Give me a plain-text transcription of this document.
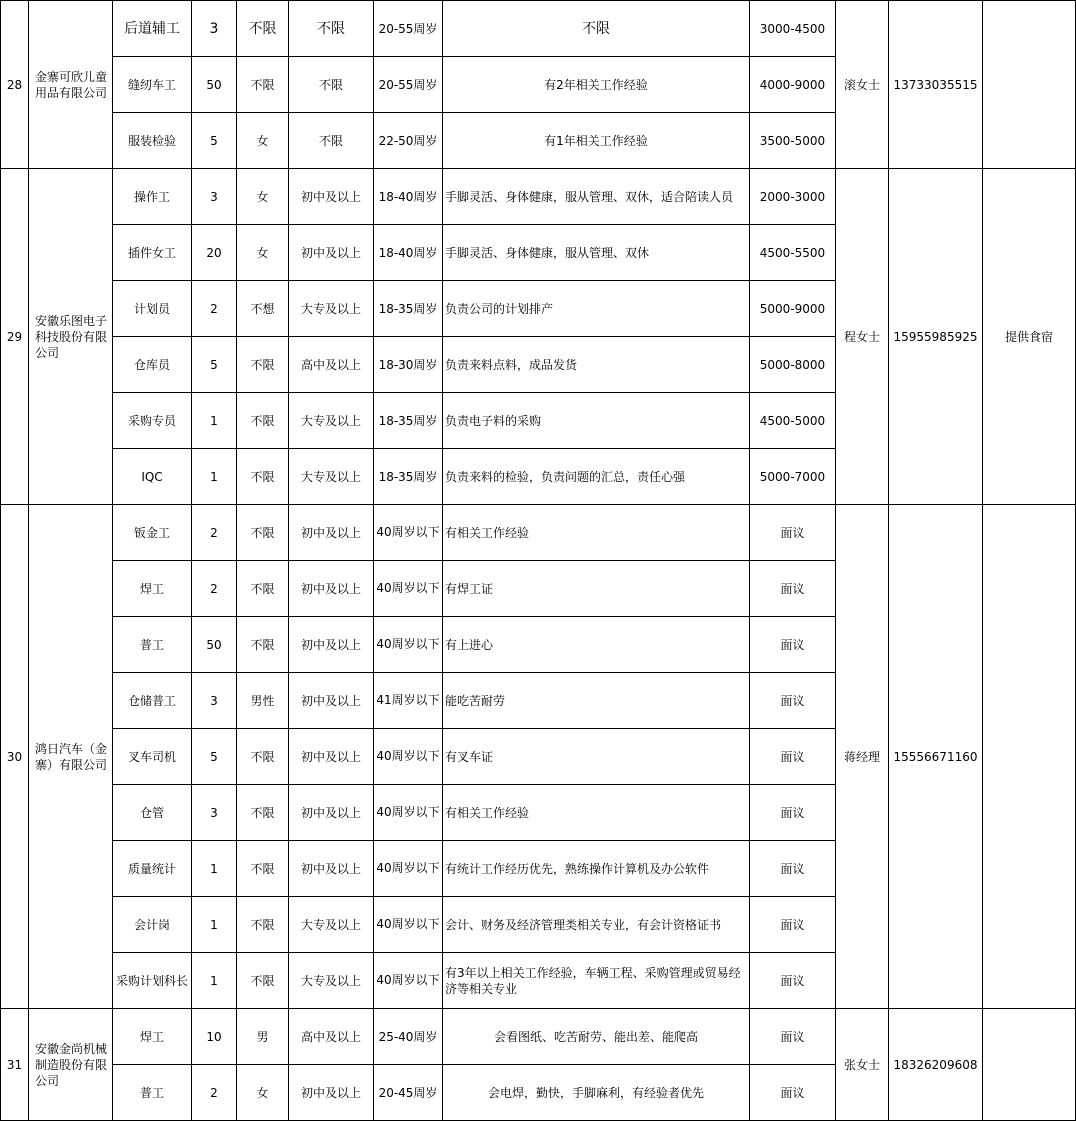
28	金寨可欣儿童用品有限公司	后道辅工	3	不限	不限	20-55周岁	不限	3000-4500	滚女士	13733035515	
		缝纫车工	50	不限	不限	20-55周岁	有2年相关工作经验	4000-9000			
		服装检验	5	女	不限	22-50周岁	有1年相关工作经验	3500-5000			
29	安徽乐图电子科技股份有限公司	操作工	3	女	初中及以上	18-40周岁	手脚灵活、身体健康，服从管理、双休，适合陪读人员	2000-3000	程女士	15955985925	提供食宿
		插件女工	20	女	初中及以上	18-40周岁	手脚灵活、身体健康，服从管理、双休	4500-5500			
		计划员	2	不想	大专及以上	18-35周岁	负责公司的计划排产	5000-9000			
		仓库员	5	不限	高中及以上	18-30周岁	负责来料点料，成品发货	5000-8000			
		采购专员	1	不限	大专及以上	18-35周岁	负责电子料的采购	4500-5000			
		IQC	1	不限	大专及以上	18-35周岁	负责来料的检验，负责问题的汇总，责任心强	5000-7000			
30	鸿日汽车（金寨）有限公司	钣金工	2	不限	初中及以上	40周岁以下	有相关工作经验	面议	蒋经理	15556671160	
		焊工	2	不限	初中及以上	40周岁以下	有焊工证	面议			
		普工	50	不限	初中及以上	40周岁以下	有上进心	面议			
		仓储普工	3	男性	初中及以上	41周岁以下	能吃苦耐劳	面议			
		叉车司机	5	不限	初中及以上	40周岁以下	有叉车证	面议			
		仓管	3	不限	初中及以上	40周岁以下	有相关工作经验	面议			
		质量统计	1	不限	初中及以上	40周岁以下	有统计工作经历优先，熟练操作计算机及办公软件	面议			
		会计岗	1	不限	大专及以上	40周岁以下	会计、财务及经济管理类相关专业，有会计资格证书	面议			
		采购计划科长	1	不限	大专及以上	40周岁以下	有3年以上相关工作经验，车辆工程、采购管理或贸易经济等相关专业	面议			
31	安徽金尚机械制造股份有限公司	焊工	10	男	高中及以上	25-40周岁	会看图纸、吃苦耐劳、能出差、能爬高	面议	张女士	18326209608	
		普工	2	女	初中及以上	20-45周岁	会电焊，勤快，手脚麻利，有经验者优先	面议			
